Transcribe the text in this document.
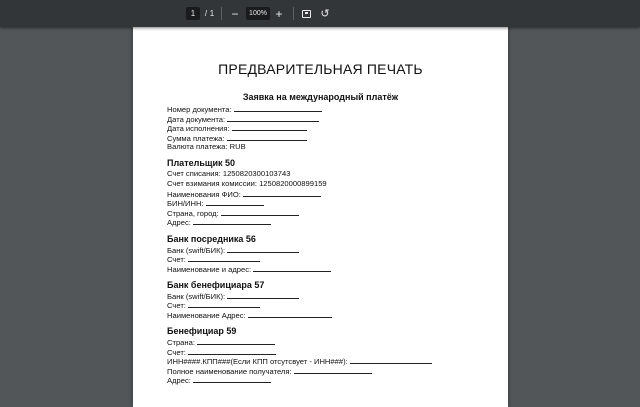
1	/ 1	−	100% +	↺
ПРЕДВАРИТЕЛЬНАЯ ПЕЧАТЬ
Заявка на международный платёж
Номер документа:
Дата документа:
Дата исполнения:
Сумма платежа:
Валюта платежа: RUB
Плательщик 50
Счет списания: 1250820300103743
Счет взимания комиссии: 1250820000899159
Наименования ФИО:
БИН/ИНН:
Страна, город:
Адрес:
Банк посредника 56
Банк (swift/БИК):
Счет:
Наименование и адрес:
Банк бенефициара 57
Банк (swift/БИК):
Счет:
Наименование Адрес:
Бенефициар 59
Страна:
Счет:
ИНН####.КПП###(Если КПП отсутсвует - ИНН###):
Полное наименование получателя:
Адрес:
